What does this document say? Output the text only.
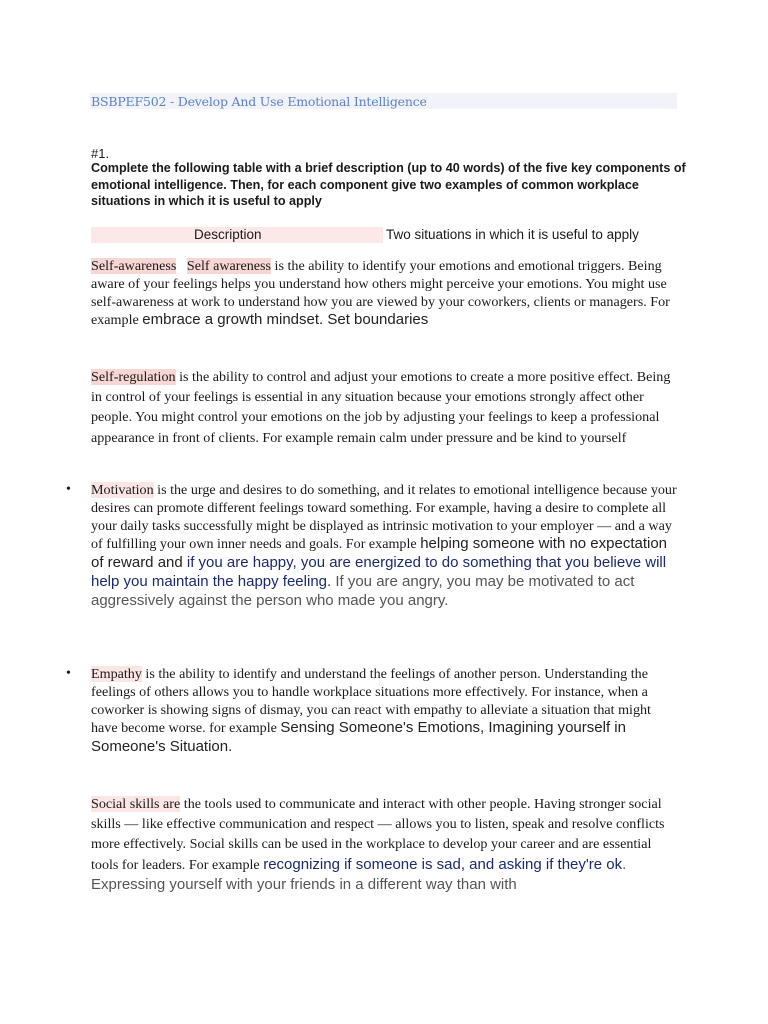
BSBPEF502 - Develop And Use Emotional Intelligence
#1.
Complete the following table with a brief description (up to 40 words) of the five key components of emotional intelligence. Then, for each component give two examples of common workplace situations in which it is useful to apply
Description	Two situations in which it is useful to apply

Self-awareness Self awareness is the ability to identify your emotions and emotional triggers. Being aware of your feelings helps you understand how others might perceive your emotions. You might use self-awareness at work to understand how you are viewed by your coworkers, clients or managers. For example embrace a growth mindset. Set boundaries

Self-regulation is the ability to control and adjust your emotions to create a more positive effect. Being in control of your feelings is essential in any situation because your emotions strongly affect other people. You might control your emotions on the job by adjusting your feelings to keep a professional appearance in front of clients. For example remain calm under pressure and be kind to yourself

• Motivation is the urge and desires to do something, and it relates to emotional intelligence because your desires can promote different feelings toward something. For example, having a desire to complete all your daily tasks successfully might be displayed as intrinsic motivation to your employer — and a way of fulfilling your own inner needs and goals. For example helping someone with no expectation of reward and if you are happy, you are energized to do something that you believe will help you maintain the happy feeling. If you are angry, you may be motivated to act aggressively against the person who made you angry.

• Empathy is the ability to identify and understand the feelings of another person. Understanding the feelings of others allows you to handle workplace situations more effectively. For instance, when a coworker is showing signs of dismay, you can react with empathy to alleviate a situation that might have become worse. for example Sensing Someone's Emotions, Imagining yourself in Someone's Situation.

Social skills are the tools used to communicate and interact with other people. Having stronger social skills — like effective communication and respect — allows you to listen, speak and resolve conflicts more effectively. Social skills can be used in the workplace to develop your career and are essential tools for leaders. For example recognizing if someone is sad, and asking if they're ok. Expressing yourself with your friends in a different way than with
